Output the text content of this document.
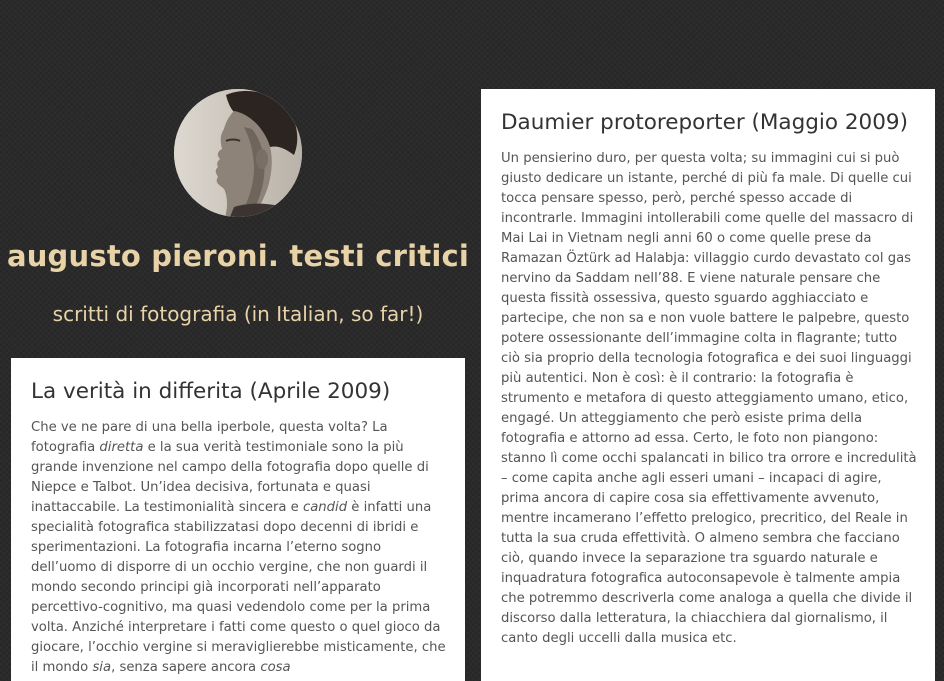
augusto pieroni. testi critici

scritti di fotografia (in Italian, so far!)

La verità in differita (Aprile 2009)

Che ve ne pare di una bella iperbole, questa volta? La fotografia diretta e la sua verità testimoniale sono la più grande invenzione nel campo della fotografia dopo quelle di Niepce e Talbot. Un’idea decisiva, fortunata e quasi inattaccabile. La testimonialità sincera e candid è infatti una specialità fotografica stabilizzatasi dopo decenni di ibridi e sperimentazioni. La fotografia incarna l’eterno sogno dell’uomo di disporre di un occhio vergine, che non guardi il mondo secondo principi già incorporati nell’apparato percettivo-cognitivo, ma quasi vedendolo come per la prima volta. Anziché interpretare i fatti come questo o quel gioco da giocare, l’occhio vergine si meraviglierebbe misticamente, che il mondo sia, senza sapere ancora cosa

Daumier protoreporter (Maggio 2009)

Un pensierino duro, per questa volta; su immagini cui si può giusto dedicare un istante, perché di più fa male. Di quelle cui tocca pensare spesso, però, perché spesso accade di incontrarle. Immagini intollerabili come quelle del massacro di Mai Lai in Vietnam negli anni 60 o come quelle prese da Ramazan Öztürk ad Halabja: villaggio curdo devastato col gas nervino da Saddam nell’88. E viene naturale pensare che questa fissità ossessiva, questo sguardo agghiacciato e partecipe, che non sa e non vuole battere le palpebre, questo potere ossessionante dell’immagine colta in flagrante; tutto ciò sia proprio della tecnologia fotografica e dei suoi linguaggi più autentici. Non è così: è il contrario: la fotografia è strumento e metafora di questo atteggiamento umano, etico, engagé. Un atteggiamento che però esiste prima della fotografia e attorno ad essa. Certo, le foto non piangono: stanno lì come occhi spalancati in bilico tra orrore e incredulità – come capita anche agli esseri umani – incapaci di agire, prima ancora di capire cosa sia effettivamente avvenuto, mentre incamerano l’effetto prelogico, precritico, del Reale in tutta la sua cruda effettività. O almeno sembra che facciano ciò, quando invece la separazione tra sguardo naturale e inquadratura fotografica autoconsapevole è talmente ampia che potremmo descriverla come analoga a quella che divide il discorso dalla letteratura, la chiacchiera dal giornalismo, il canto degli uccelli dalla musica etc.
